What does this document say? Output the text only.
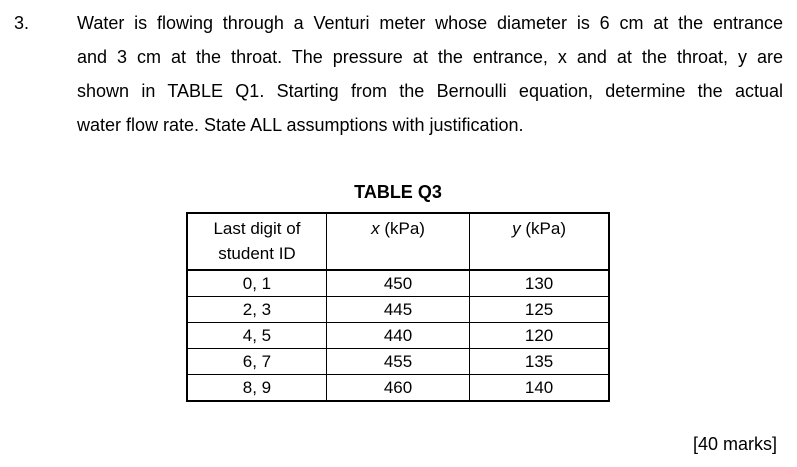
3.	Water is flowing through a Venturi meter whose diameter is 6 cm at the entrance
and 3 cm at the throat. The pressure at the entrance, x and at the throat, y are
shown in TABLE Q1. Starting from the Bernoulli equation, determine the actual
water flow rate. State ALL assumptions with justification.
TABLE Q3
Last digit of
student ID	x (kPa)	y (kPa)
0, 1	450	130
2, 3	445	125
4, 5	440	120
6, 7	455	135
8, 9	460	140
[40 marks]
